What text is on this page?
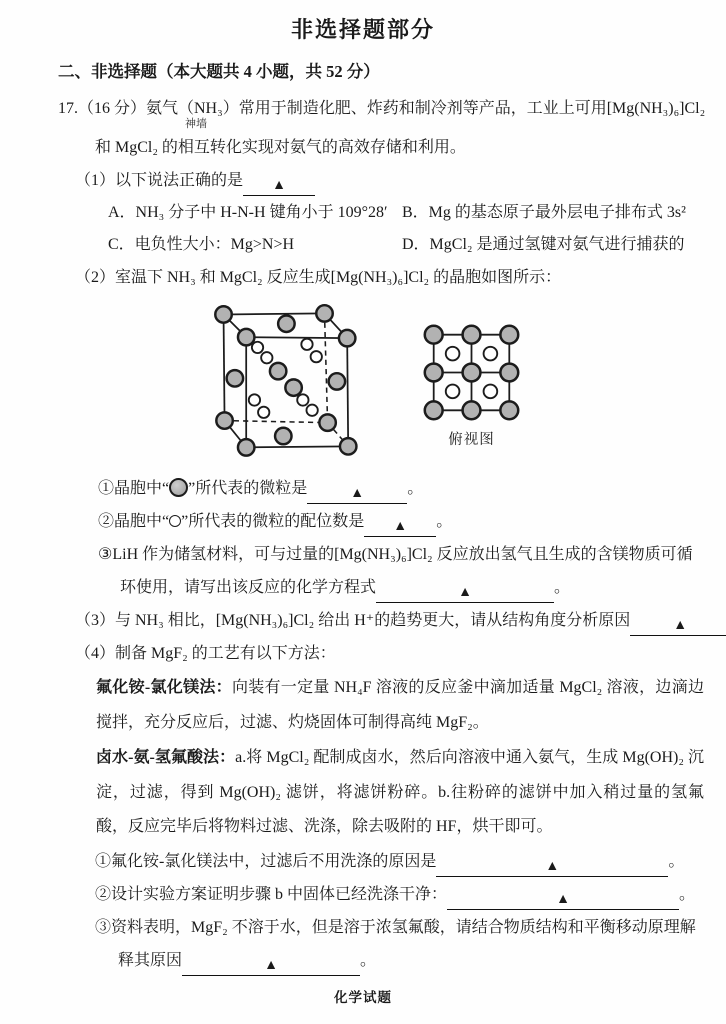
非选择题部分

二、非选择题（本大题共 4 小题，共 52 分）

17.（16 分）氨气（NH₃）常用于制造化肥、炸药和制冷剂等产品，工业上可用[Mg(NH₃)₆]Cl₂

神墙

和 MgCl₂ 的相互转化实现对氨气的高效存储和利用。

（1）以下说法正确的是 ▲

A．NH₃ 分子中 H-N-H 键角小于 109°28′ B．Mg 的基态原子最外层电子排布式 3s²

C．电负性大小：Mg>N>H	D．MgCl₂ 是通过氢键对氨气进行捕获的

（2）室温下 NH₃ 和 MgCl₂ 反应生成[Mg(NH₃)₆]Cl₂ 的晶胞如图所示：

俯视图

①晶胞中“ ”所代表的微粒是	▲	。

②晶胞中“ ”所代表的微粒的配位数是 ▲ 。

③LiH 作为储氢材料，可与过量的[Mg(NH₃)₆]Cl₂ 反应放出氢气且生成的含镁物质可循环使用，请写出该反应的化学方程式	▲	。

（3）与 NH₃ 相比，[Mg(NH₃)₆]Cl₂ 给出 H⁺的趋势更大，请从结构角度分析原因	▲

（4）制备 MgF₂ 的工艺有以下方法：

氟化铵-氯化镁法：向装有一定量 NH₄F 溶液的反应釜中滴加适量 MgCl₂ 溶液，边滴边搅拌，充分反应后，过滤、灼烧固体可制得高纯 MgF₂。

卤水-氨-氢氟酸法：a.将 MgCl₂ 配制成卤水，然后向溶液中通入氨气，生成 Mg(OH)₂ 沉淀，过滤，得到 Mg(OH)₂ 滤饼，将滤饼粉碎。b.往粉碎的滤饼中加入稍过量的氢氟酸，反应完毕后将物料过滤、洗涤，除去吸附的 HF，烘干即可。

①氟化铵-氯化镁法中，过滤后不用洗涤的原因是	▲	。

②设计实验方案证明步骤 b 中固体已经洗涤干净：	▲	。

③资料表明，MgF₂ 不溶于水，但是溶于浓氢氟酸，请结合物质结构和平衡移动原理解释其原因	▲	。

化学试题
